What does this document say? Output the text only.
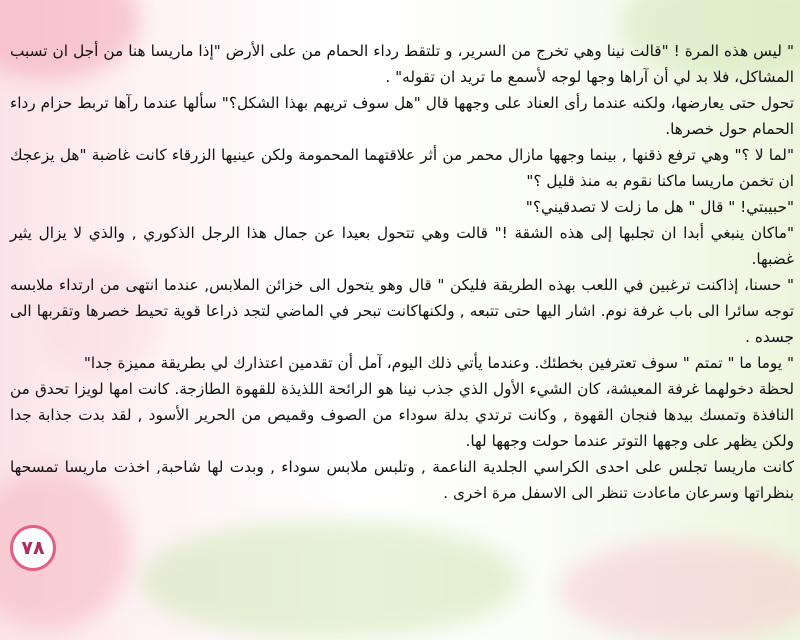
" ليس هذه المرة ! "قالت نينا وهي تخرج من السرير، و تلتقط رداء الحمام من على الأرض "إذا ماريسا هنا من أجل ان تسبب المشاكل، فلا بد لي أن آراها وجها لوجه لأسمع ما تريد ان تقوله" .

تحول حتى يعارضها، ولكنه عندما رأى العناد على وجهها قال "هل سوف تريهم بهذا الشكل؟" سألها عندما رآها تربط حزام رداء الحمام حول خصرها.

"لما لا ؟" وهي ترفع ذقنها , بينما وجهها مازال محمر من أثر علاقتهما المحمومة ولكن عينيها الزرقاء كانت غاضبة "هل يزعجك ان تخمن ماريسا ماكنا نقوم به منذ قليل ؟"

"حبيبتي! " قال " هل ما زلت لا تصدقيني؟"

"ماكان ينبغي أبدا ان تجلبها إلى هذه الشقة !" قالت وهي تتحول بعيدا عن جمال هذا الرجل الذكوري , والذي لا يزال يثير غضبها.

" حسنا، إذاكنت ترغبين في اللعب بهذه الطريقة فليكن " قال وهو يتحول الى خزائن الملابس, عندما انتهى من ارتداء ملابسه توجه سائرا الى باب غرفة نوم. اشار اليها حتى تتبعه , ولكنهاكانت تبحر في الماضي لتجد ذراعا قوية تحيط خصرها وتقربها الى جسده .

" يوما ما " تمتم " سوف تعترفين بخطئك. وعندما يأتي ذلك اليوم، آمل أن تقدمين اعتذارك لي بطريقة مميزة جدا"

لحظة دخولهما غرفة المعيشة، كان الشيء الأول الذي جذب نينا هو الرائحة اللذيذة للقهوة الطازجة. كانت امها لويزا تحدق من النافذة وتمسك بيدها فنجان القهوة , وكانت ترتدي بدلة سوداء من الصوف وقميص من الحرير الأسود , لقد بدت جذابة جدا ولكن يظهر على وجهها التوتر عندما حولت وجهها لها.

كانت ماريسا تجلس على احدى الكراسي الجلدية الناعمة , وتلبس ملابس سوداء , وبدت لها شاحبة, اخذت ماريسا تمسحها بنظراتها وسرعان ماعادت تنظر الى الاسفل مرة اخرى .

٧٨
